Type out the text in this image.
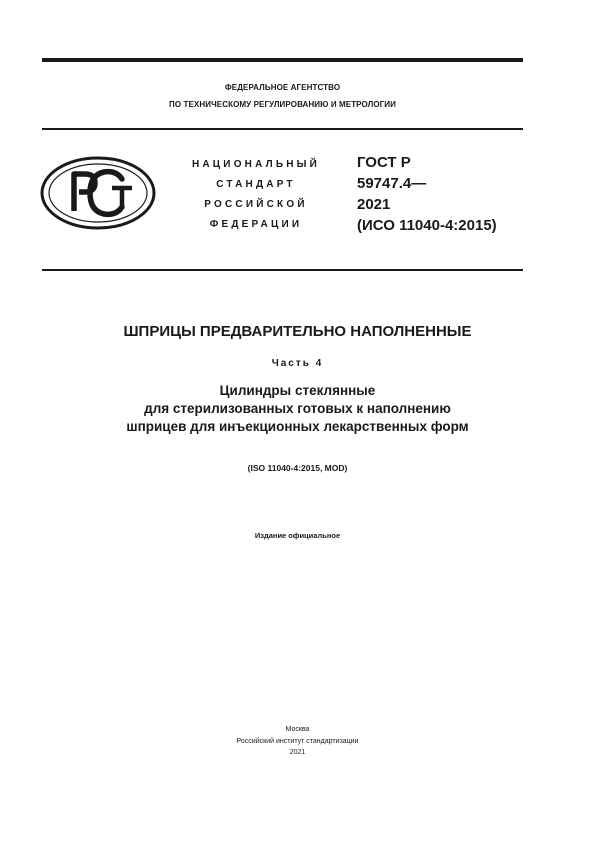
ФЕДЕРАЛЬНОЕ АГЕНТСТВО
ПО ТЕХНИЧЕСКОМУ РЕГУЛИРОВАНИЮ И МЕТРОЛОГИИ
НАЦИОНАЛЬНЫЙ
СТАНДАРТ
РОССИЙСКОЙ
ФЕДЕРАЦИИ
ГОСТ Р
59747.4—
2021
(ИСО 11040-4:2015)
ШПРИЦЫ ПРЕДВАРИТЕЛЬНО НАПОЛНЕННЫЕ
Часть 4
Цилиндры стеклянные
для стерилизованных готовых к наполнению
шприцев для инъекционных лекарственных форм
(ISO 11040-4:2015, MOD)
Издание официальное
Москва
Российский институт стандартизации
2021
